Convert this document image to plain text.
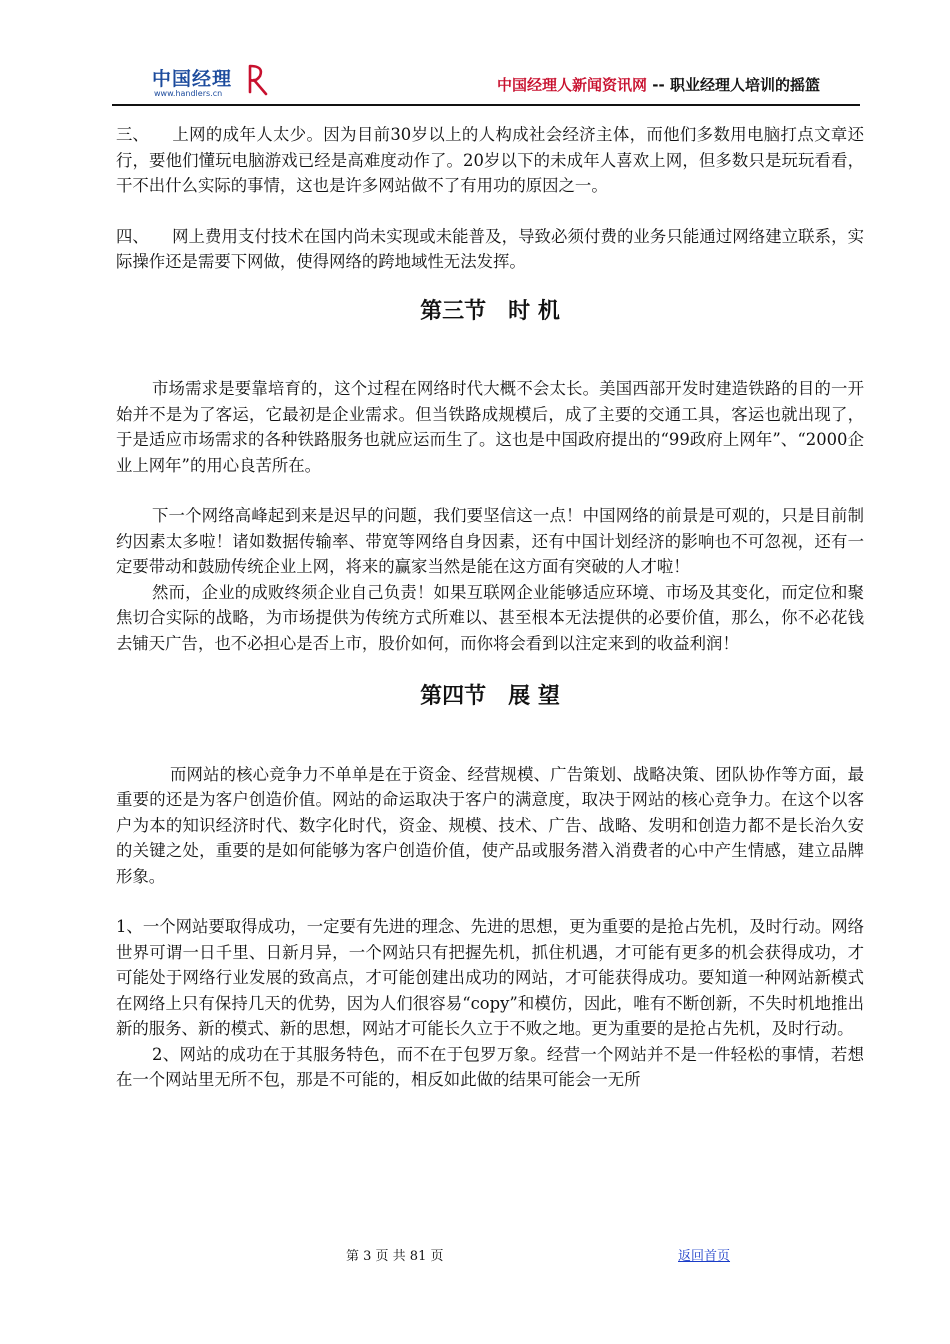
中国经理
www.handlers.cn	中国经理人新闻资讯网 -- 职业经理人培训的摇篮

三、 上网的成年人太少。因为目前30岁以上的人构成社会经济主体，而他们多数用电脑打点文章还行，要他们懂玩电脑游戏已经是高难度动作了。20岁以下的未成年人喜欢上网，但多数只是玩玩看看，干不出什么实际的事情，这也是许多网站做不了有用功的原因之一。

四、 网上费用支付技术在国内尚未实现或未能普及，导致必须付费的业务只能通过网络建立联系，实际操作还是需要下网做，使得网络的跨地域性无法发挥。

第三节　时 机

市场需求是要靠培育的，这个过程在网络时代大概不会太长。美国西部开发时建造铁路的目的一开始并不是为了客运，它最初是企业需求。但当铁路成规模后，成了主要的交通工具，客运也就出现了，于是适应市场需求的各种铁路服务也就应运而生了。这也是中国政府提出的“99政府上网年”、“2000企业上网年”的用心良苦所在。

下一个网络高峰起到来是迟早的问题，我们要坚信这一点！中国网络的前景是可观的，只是目前制约因素太多啦！诸如数据传输率、带宽等网络自身因素，还有中国计划经济的影响也不可忽视，还有一定要带动和鼓励传统企业上网，将来的赢家当然是能在这方面有突破的人才啦！

然而，企业的成败终须企业自己负责！如果互联网企业能够适应环境、市场及其变化，而定位和聚焦切合实际的战略，为市场提供为传统方式所难以、甚至根本无法提供的必要价值，那么，你不必花钱去铺天广告，也不必担心是否上市，股价如何，而你将会看到以注定来到的收益利润！

第四节　展 望

而网站的核心竞争力不单单是在于资金、经营规模、广告策划、战略决策、团队协作等方面，最重要的还是为客户创造价值。网站的命运取决于客户的满意度，取决于网站的核心竞争力。在这个以客户为本的知识经济时代、数字化时代，资金、规模、技术、广告、战略、发明和创造力都不是长治久安的关键之处，重要的是如何能够为客户创造价值，使产品或服务潜入消费者的心中产生情感，建立品牌形象。

1、一个网站要取得成功，一定要有先进的理念、先进的思想，更为重要的是抢占先机，及时行动。网络世界可谓一日千里、日新月异，一个网站只有把握先机，抓住机遇，才可能有更多的机会获得成功，才可能处于网络行业发展的致高点，才可能创建出成功的网站，才可能获得成功。要知道一种网站新模式在网络上只有保持几天的优势，因为人们很容易“copy”和模仿，因此，唯有不断创新，不失时机地推出新的服务、新的模式、新的思想，网站才可能长久立于不败之地。更为重要的是抢占先机，及时行动。

2、网站的成功在于其服务特色，而不在于包罗万象。经营一个网站并不是一件轻松的事情，若想在一个网站里无所不包，那是不可能的，相反如此做的结果可能会一无所

第 3 页 共 81 页	返回首页
